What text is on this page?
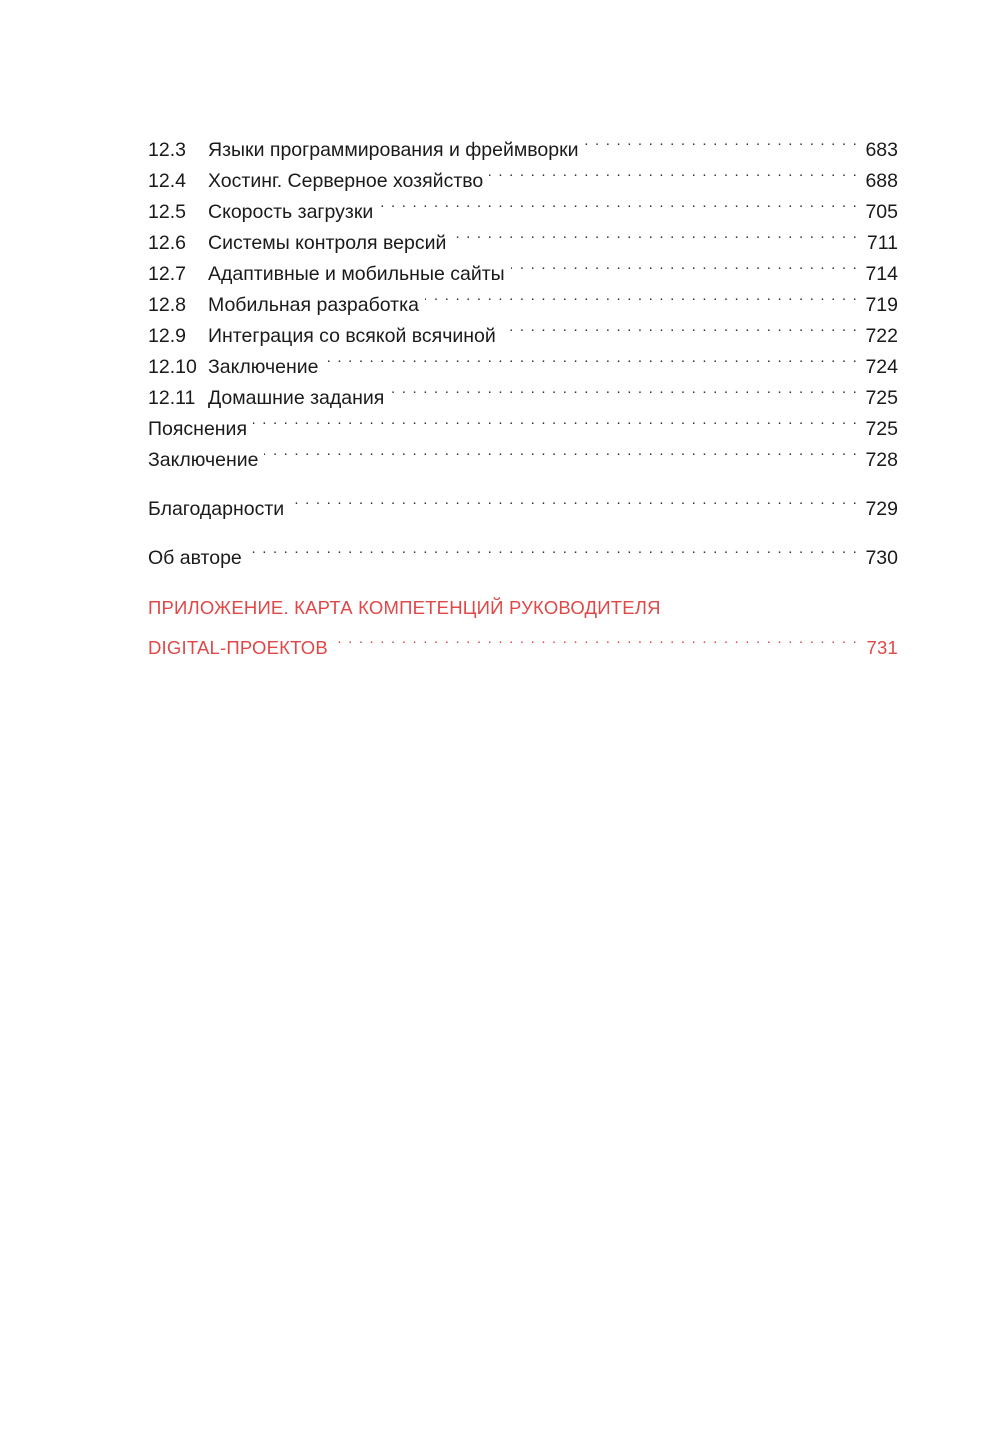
12.3	Языки программирования и фреймворки . . .	683
12.4	Хостинг. Серверное хозяйство . . .	688
12.5	Скорость загрузки . . .	705
12.6	Системы контроля версий . . .	711
12.7	Адаптивные и мобильные сайты . . .	714
12.8	Мобильная разработка . . .	719
12.9	Интеграция со всякой всячиной . . .	722
12.10 Заключение . . .	724
12.11 Домашние задания . . .	725
Пояснения . . .	725
Заключение . . .	728
Благодарности . . .	729
Об авторе . . .	730
ПРИЛОЖЕНИЕ. КАРТА КОМПЕТЕНЦИЙ РУКОВОДИТЕЛЯ
DIGITAL-ПРОЕКТОВ . . .	731
